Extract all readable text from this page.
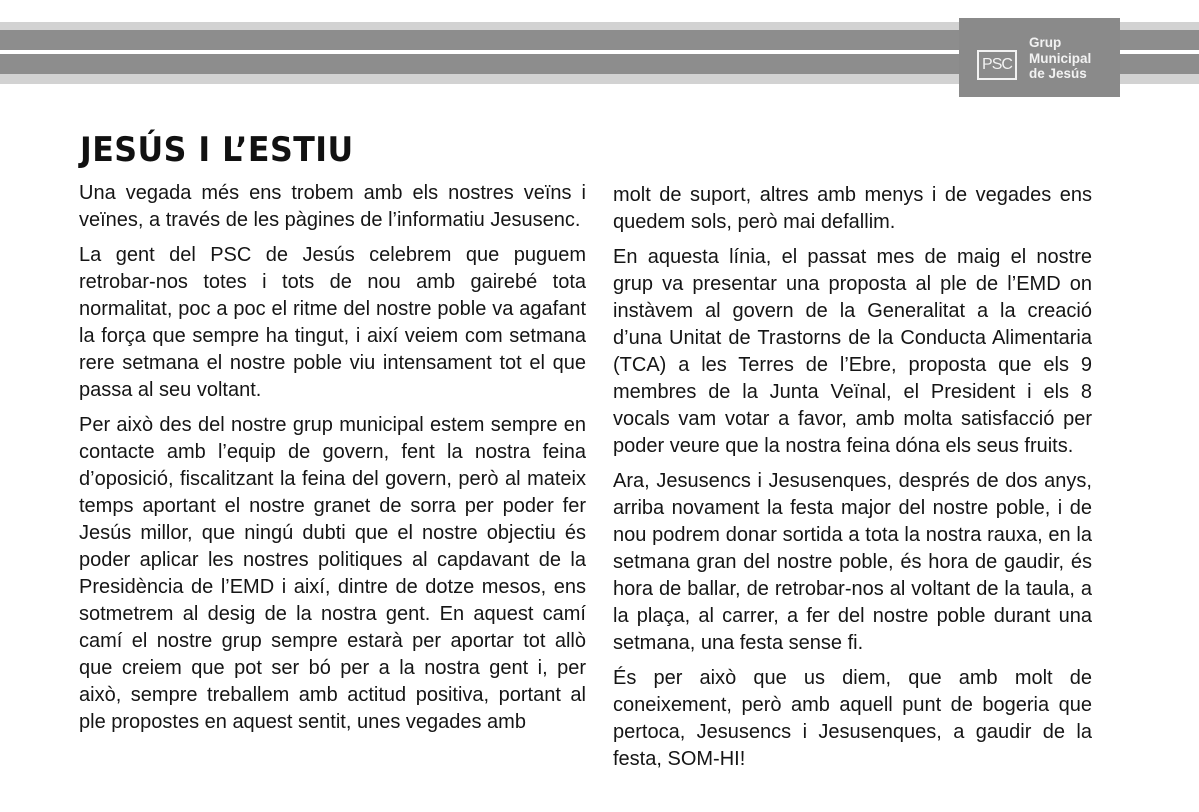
PSC
Grup
Municipal
de Jesús
JESÚS I L’ESTIU

Una vegada més ens trobem amb els nostres veïns i veïnes, a través de les pàgines de l’informatiu Jesusenc.

La gent del PSC de Jesús celebrem que puguem retrobar-nos totes i tots de nou amb gairebé tota normalitat, poc a poc el ritme del nostre poble va agafant la força que sempre ha tingut, i així veiem com setmana rere setmana el nostre poble viu intensament tot el que passa al seu voltant.

Per això des del nostre grup municipal estem sempre en contacte amb l’equip de govern, fent la nostra feina d’oposició, fiscalitzant la feina del govern, però al mateix temps aportant el nostre granet de sorra per poder fer Jesús millor, que ningú dubti que el nostre objectiu és poder aplicar les nostres politiques al capdavant de la Presidència de l’EMD i així, dintre de dotze mesos, ens sotmetrem al desig de la nostra gent. En aquest camí camí el nostre grup sempre estarà per aportar tot allò que creiem que pot ser bó per a la nostra gent i, per això, sempre treballem amb actitud positiva, portant al ple propostes en aquest sentit, unes vegades amb

molt de suport, altres amb menys i de vegades ens quedem sols, però mai defallim.

En aquesta línia, el passat mes de maig el nostre grup va presentar una proposta al ple de l’EMD on instàvem al govern de la Generalitat a la creació d’una Unitat de Trastorns de la Conducta Alimentaria (TCA) a les Terres de l’Ebre, proposta que els 9 membres de la Junta Veïnal, el President i els 8 vocals vam votar a favor, amb molta satisfacció per poder veure que la nostra feina dóna els seus fruits.

Ara, Jesusencs i Jesusenques, després de dos anys, arriba novament la festa major del nostre poble, i de nou podrem donar sortida a tota la nostra rauxa, en la setmana gran del nostre poble, és hora de gaudir, és hora de ballar, de retrobar-nos al voltant de la taula, a la plaça, al carrer, a fer del nostre poble durant una setmana, una festa sense fi.

És per això que us diem, que amb molt de coneixement, però amb aquell punt de bogeria que pertoca, Jesusencs i Jesusenques, a gaudir de la festa, SOM-HI!
